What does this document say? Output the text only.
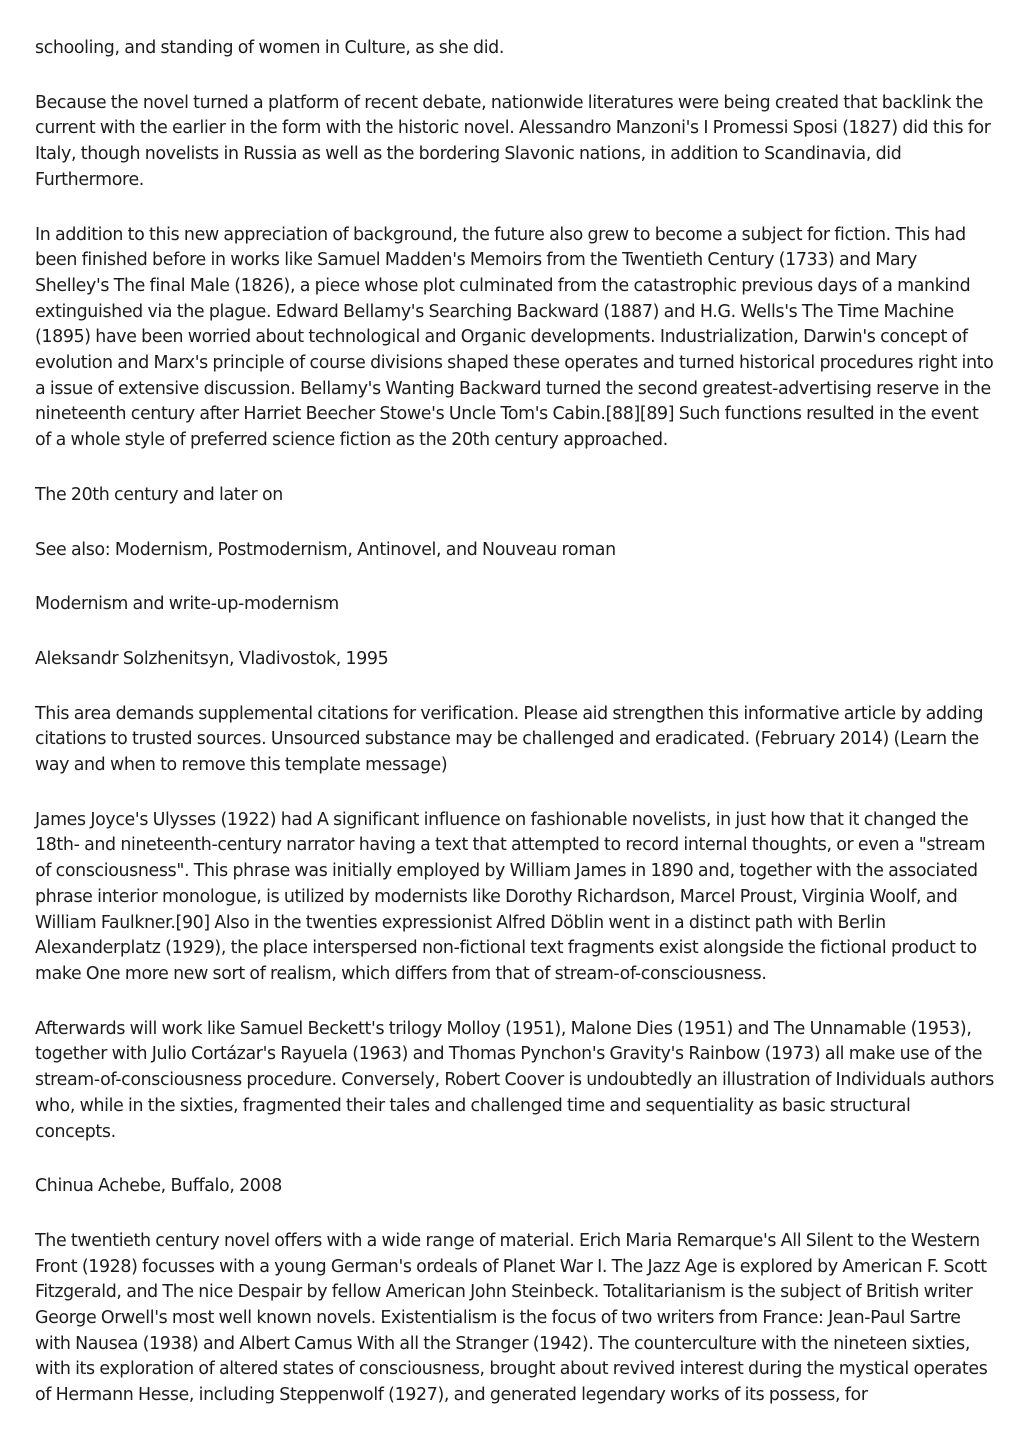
schooling, and standing of women in Culture, as she did.

Because the novel turned a platform of recent debate, nationwide literatures were being created that backlink the current with the earlier in the form with the historic novel. Alessandro Manzoni's I Promessi Sposi (1827) did this for Italy, though novelists in Russia as well as the bordering Slavonic nations, in addition to Scandinavia, did Furthermore.

In addition to this new appreciation of background, the future also grew to become a subject for fiction. This had been finished before in works like Samuel Madden's Memoirs from the Twentieth Century (1733) and Mary Shelley's The final Male (1826), a piece whose plot culminated from the catastrophic previous days of a mankind extinguished via the plague. Edward Bellamy's Searching Backward (1887) and H.G. Wells's The Time Machine (1895) have been worried about technological and Organic developments. Industrialization, Darwin's concept of evolution and Marx's principle of course divisions shaped these operates and turned historical procedures right into a issue of extensive discussion. Bellamy's Wanting Backward turned the second greatest-advertising reserve in the nineteenth century after Harriet Beecher Stowe's Uncle Tom's Cabin.[88][89] Such functions resulted in the event of a whole style of preferred science fiction as the 20th century approached.

The 20th century and later on

See also: Modernism, Postmodernism, Antinovel, and Nouveau roman

Modernism and write-up-modernism

Aleksandr Solzhenitsyn, Vladivostok, 1995

This area demands supplemental citations for verification. Please aid strengthen this informative article by adding citations to trusted sources. Unsourced substance may be challenged and eradicated. (February 2014) (Learn the way and when to remove this template message)

James Joyce's Ulysses (1922) had A significant influence on fashionable novelists, in just how that it changed the 18th- and nineteenth-century narrator having a text that attempted to record internal thoughts, or even a "stream of consciousness". This phrase was initially employed by William James in 1890 and, together with the associated phrase interior monologue, is utilized by modernists like Dorothy Richardson, Marcel Proust, Virginia Woolf, and William Faulkner.[90] Also in the twenties expressionist Alfred Döblin went in a distinct path with Berlin Alexanderplatz (1929), the place interspersed non-fictional text fragments exist alongside the fictional product to make One more new sort of realism, which differs from that of stream-of-consciousness.

Afterwards will work like Samuel Beckett's trilogy Molloy (1951), Malone Dies (1951) and The Unnamable (1953), together with Julio Cortázar's Rayuela (1963) and Thomas Pynchon's Gravity's Rainbow (1973) all make use of the stream-of-consciousness procedure. Conversely, Robert Coover is undoubtedly an illustration of Individuals authors who, while in the sixties, fragmented their tales and challenged time and sequentiality as basic structural concepts.

Chinua Achebe, Buffalo, 2008

The twentieth century novel offers with a wide range of material. Erich Maria Remarque's All Silent to the Western Front (1928) focusses with a young German's ordeals of Planet War I. The Jazz Age is explored by American F. Scott Fitzgerald, and The nice Despair by fellow American John Steinbeck. Totalitarianism is the subject of British writer George Orwell's most well known novels. Existentialism is the focus of two writers from France: Jean-Paul Sartre with Nausea (1938) and Albert Camus With all the Stranger (1942). The counterculture with the nineteen sixties, with its exploration of altered states of consciousness, brought about revived interest during the mystical operates of Hermann Hesse, including Steppenwolf (1927), and generated legendary works of its possess, for
